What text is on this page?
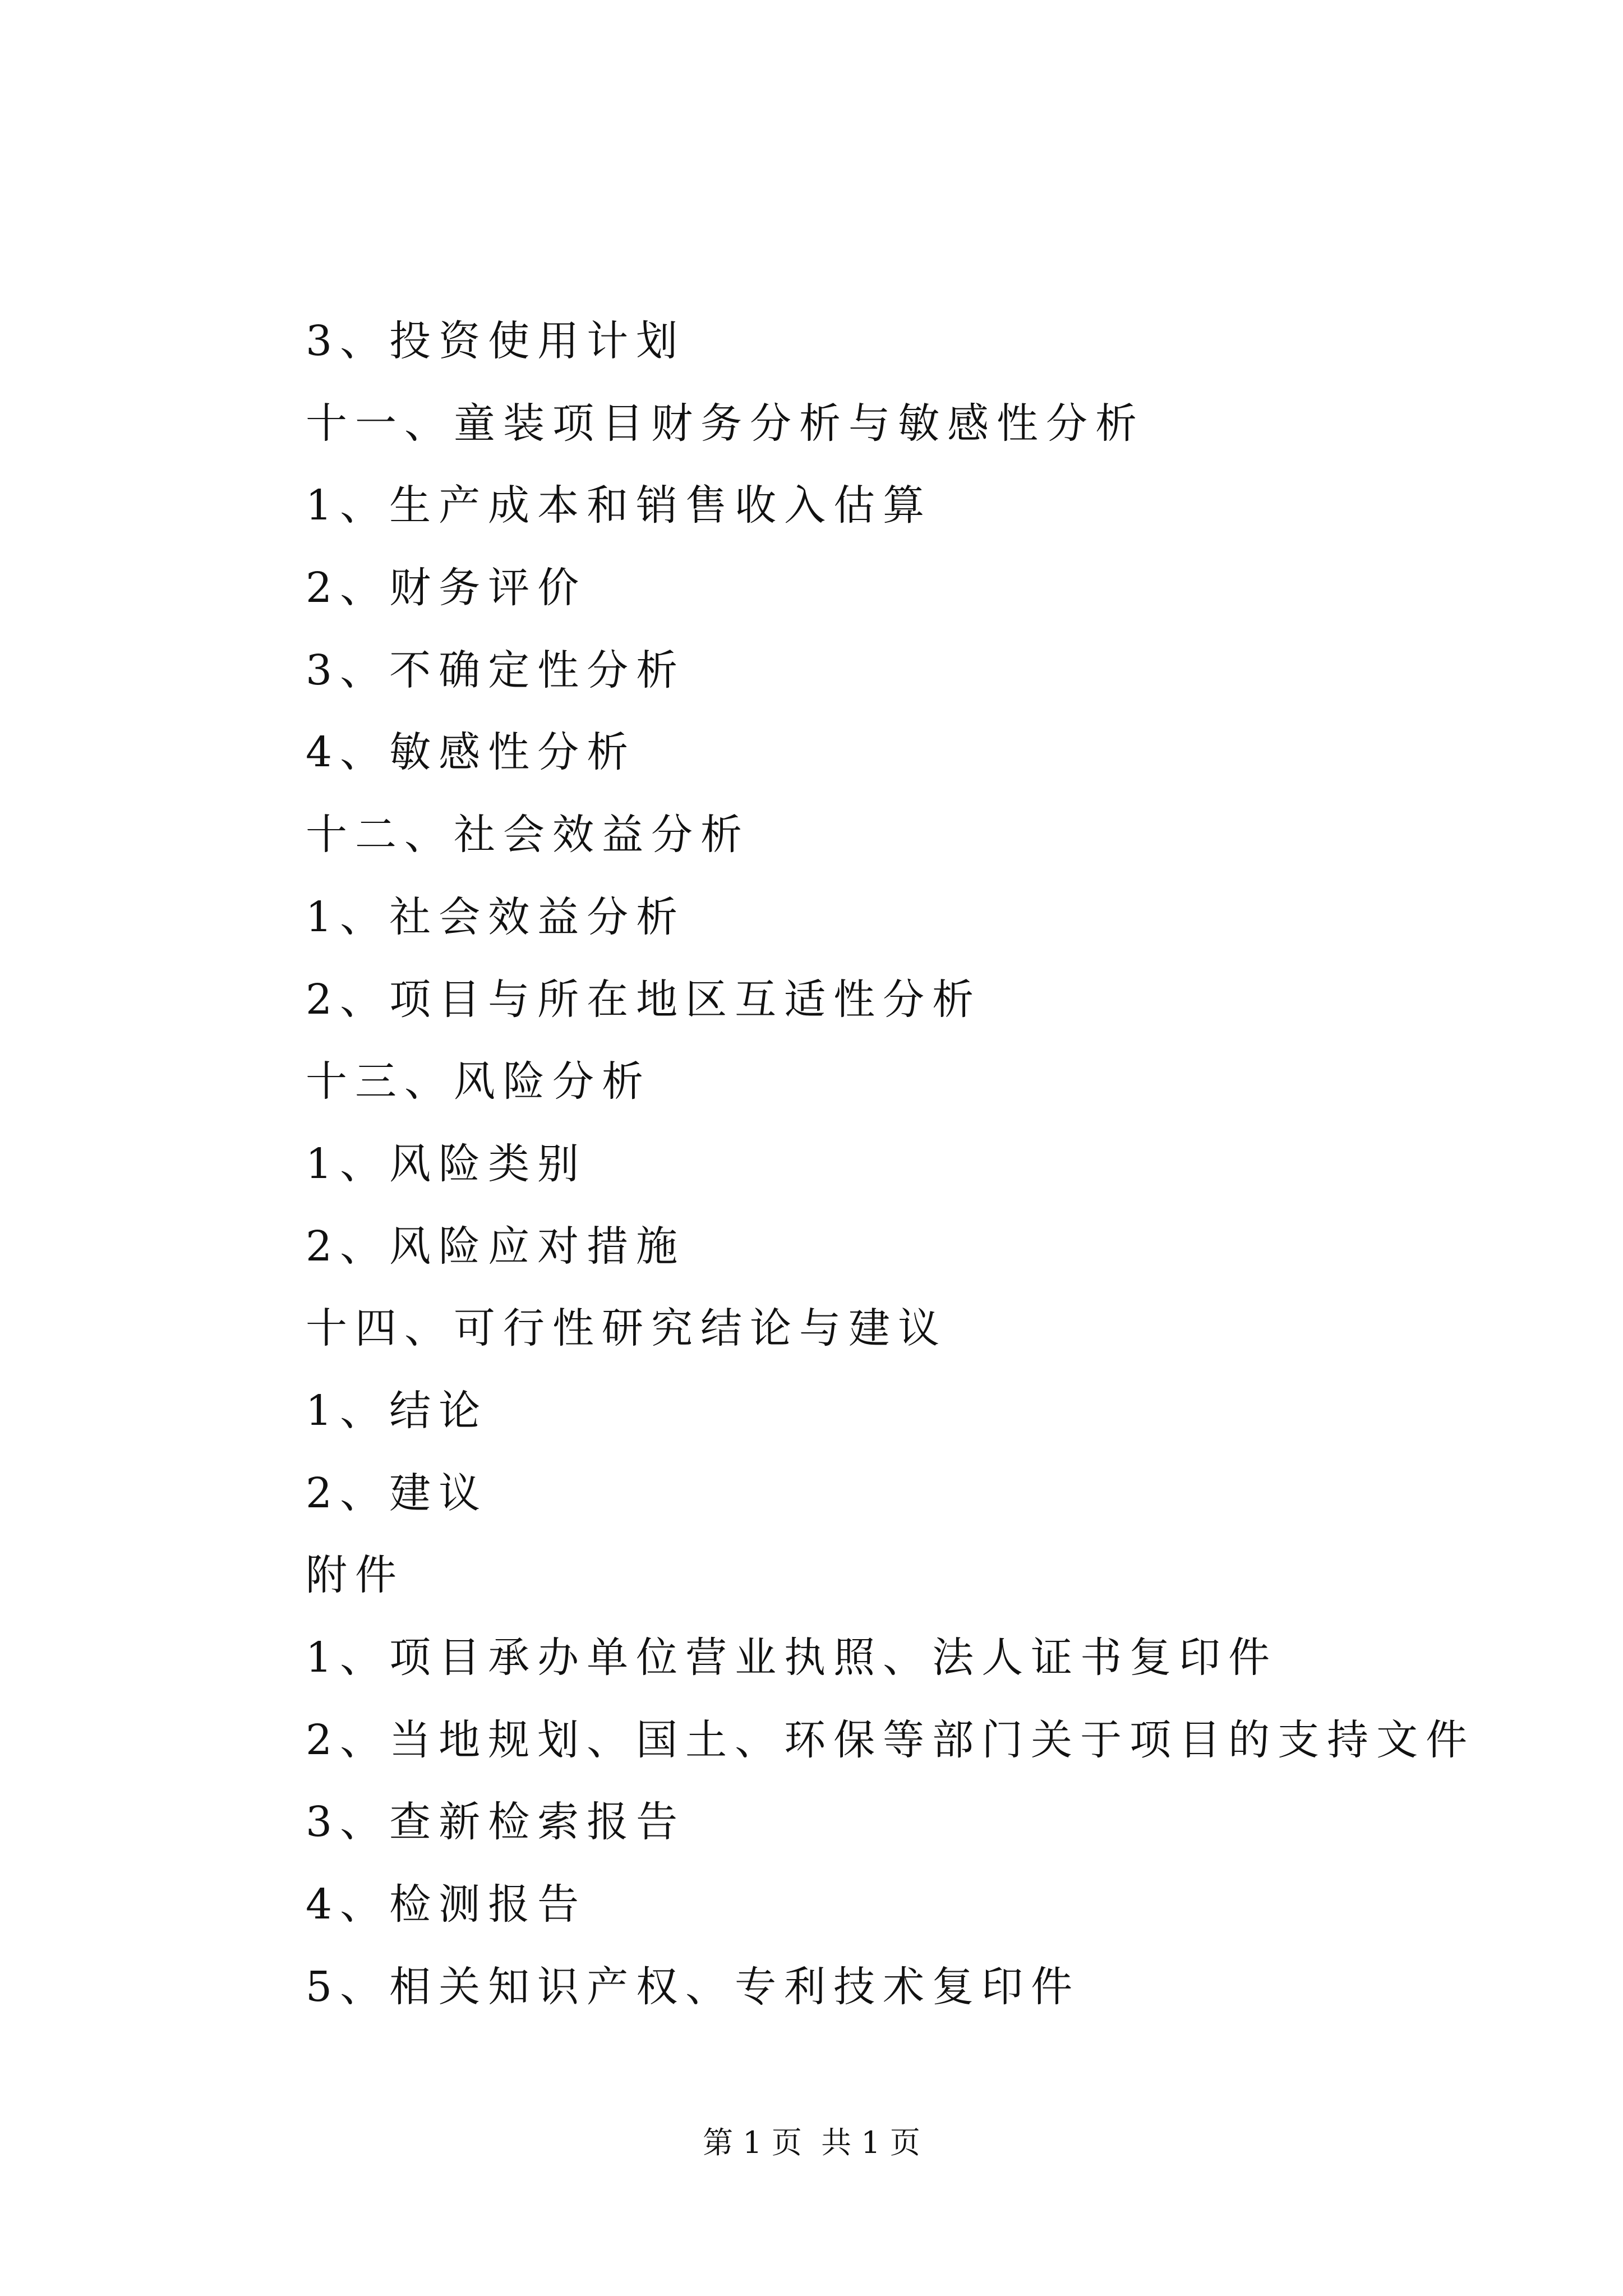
3、投资使用计划
十一、童装项目财务分析与敏感性分析
1、生产成本和销售收入估算
2、财务评价
3、不确定性分析
4、敏感性分析
十二、社会效益分析
1、社会效益分析
2、项目与所在地区互适性分析
十三、风险分析
1、风险类别
2、风险应对措施
十四、可行性研究结论与建议
1、结论
2、建议
附件
1、项目承办单位营业执照、法人证书复印件
2、当地规划、国土、环保等部门关于项目的支持文件
3、查新检索报告
4、检测报告
5、相关知识产权、专利技术复印件
第 1 页  共 1 页
